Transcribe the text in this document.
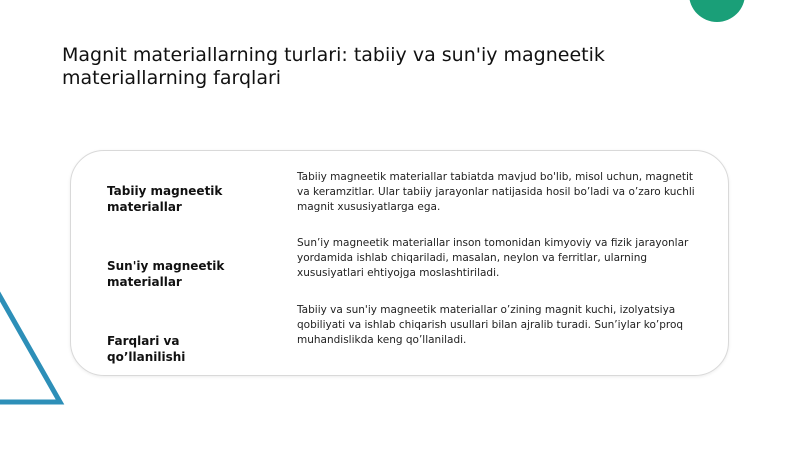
Magnit materiallarning turlari: tabiiy va sun'iy magneetik materiallarning farqlari
Tabiiy magneetik materiallar
Tabiiy magneetik materiallar tabiatda mavjud bo'lib, misol uchun, magnetit va keramzitlar. Ular tabiiy jarayonlar natijasida hosil bo’ladi va o’zaro kuchli magnit xususiyatlarga ega.
Sun'iy magneetik materiallar
Sun’iy magneetik materiallar inson tomonidan kimyoviy va fizik jarayonlar yordamida ishlab chiqariladi, masalan, neylon va ferritlar, ularning xususiyatlari ehtiyojga moslashtiriladi.
Farqlari va qo’llanilishi
Tabiiy va sun'iy magneetik materiallar o’zining magnit kuchi, izolyatsiya qobiliyati va ishlab chiqarish usullari bilan ajralib turadi. Sun’iylar ko’proq muhandislikda keng qo’llaniladi.
